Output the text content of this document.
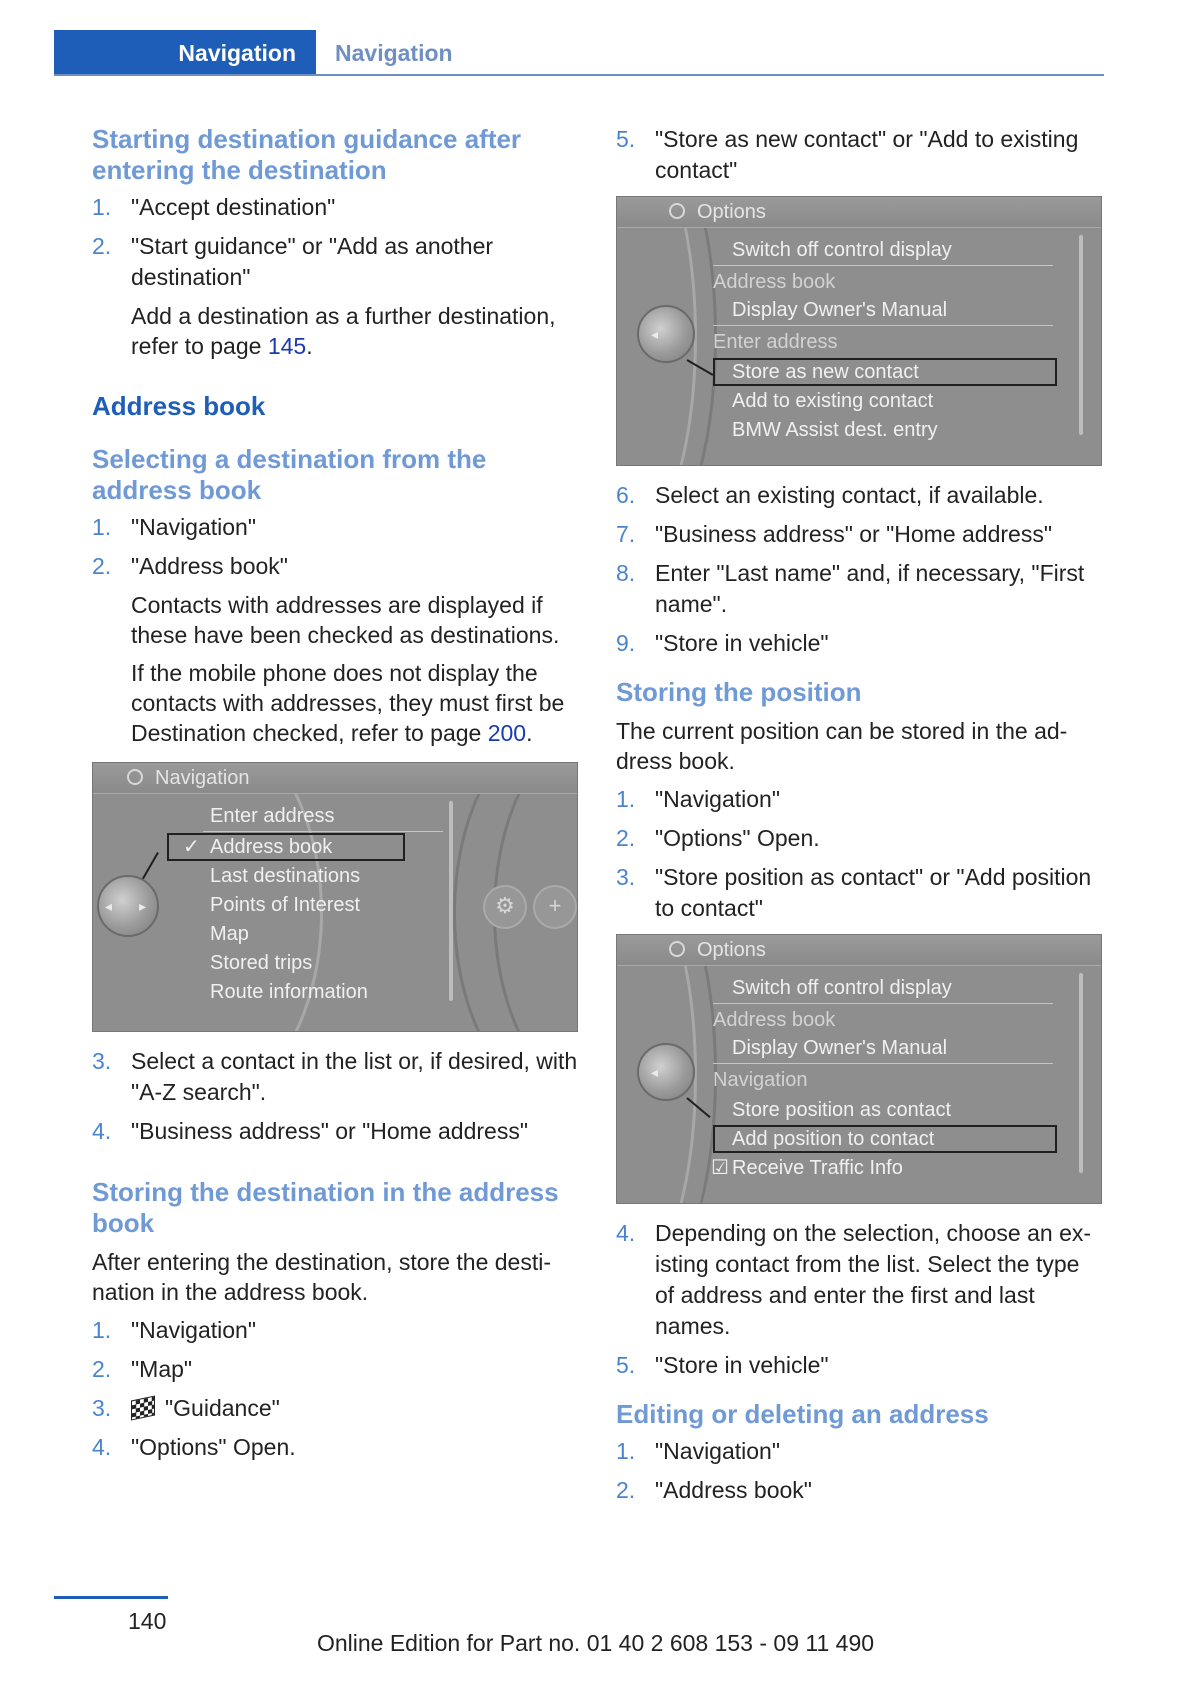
Navigation Navigation
Starting destination guidance after entering the destination
1. "Accept destination"
2. "Start guidance" or "Add as another destination"
Add a destination as a further destination, refer to page 145.
Address book
Selecting a destination from the address book
1. "Navigation"
2. "Address book"
Contacts with addresses are displayed if these have been checked as destinations.
If the mobile phone does not display the contacts with addresses, they must first be Destination checked, refer to page 200.
Navigation
Enter address
✓ Address book
Last destinations
Points of Interest
Map
Stored trips
Route information
◂ ▸	⚙	+
3. Select a contact in the list or, if desired, with "A-Z search".
4. "Business address" or "Home address"
Storing the destination in the address book
After entering the destination, store the desti-nation in the address book.
1. "Navigation"
2. "Map"
3. "Guidance"
4. "Options" Open.
5. "Store as new contact" or "Add to existing contact"
Options
Switch off control display
Address book
Display Owner's Manual
Enter address
Store as new contact
Add to existing contact
BMW Assist dest. entry
◂
6. Select an existing contact, if available.
7. "Business address" or "Home address"
8. Enter "Last name" and, if necessary, "First name".
9. "Store in vehicle"
Storing the position
The current position can be stored in the ad-dress book.
1. "Navigation"
2. "Options" Open.
3. "Store position as contact" or "Add position to contact"
Options
Switch off control display
Address book
Display Owner's Manual
Navigation
Store position as contact
Add position to contact
☑ Receive Traffic Info
◂
4. Depending on the selection, choose an ex-isting contact from the list. Select the type of address and enter the first and last names.
5. "Store in vehicle"
Editing or deleting an address
1. "Navigation"
2. "Address book"
140
Online Edition for Part no. 01 40 2 608 153 - 09 11 490
